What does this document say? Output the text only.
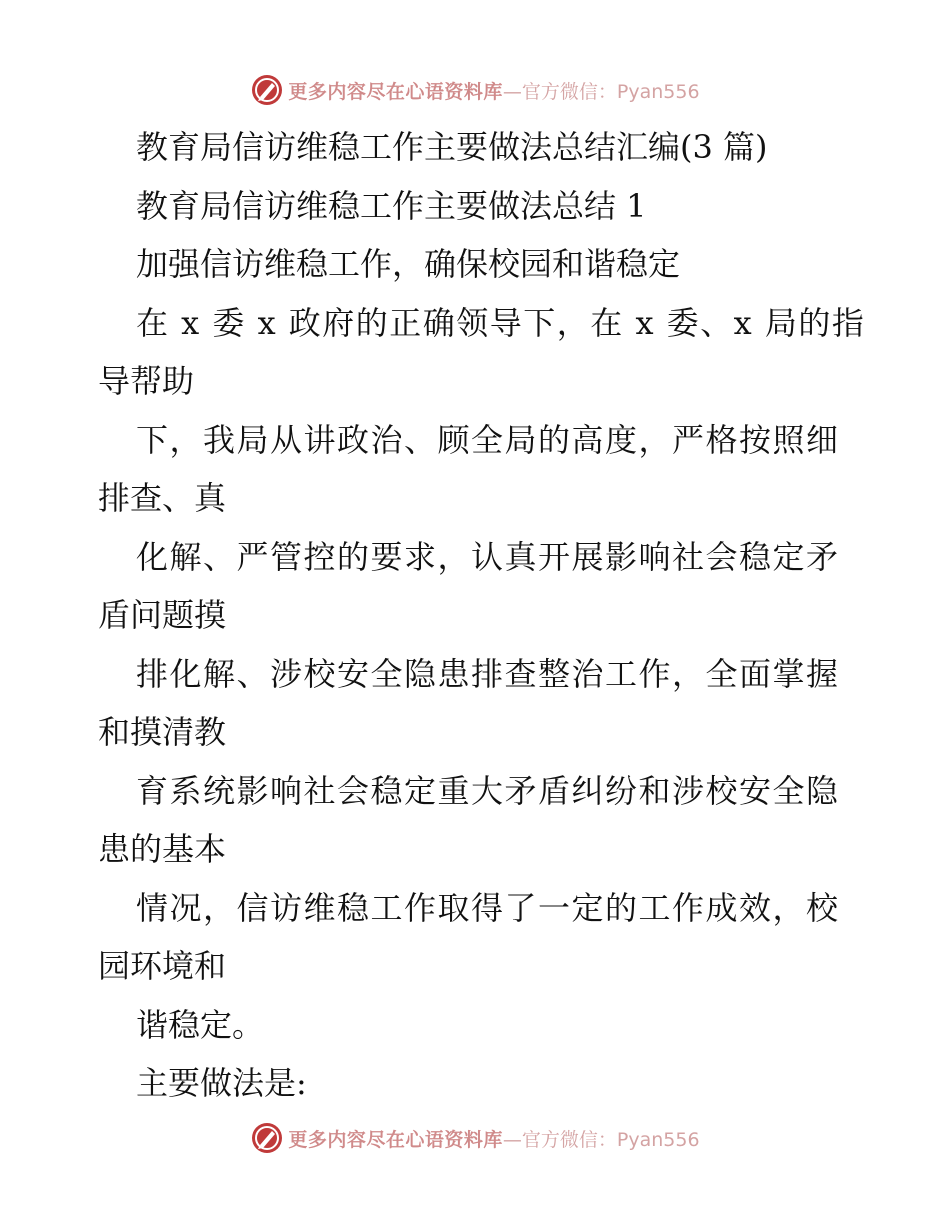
更多内容尽在心语资料库 —官方微信：Pyan556
教育局信访维稳工作主要做法总结汇编(3 篇)
教育局信访维稳工作主要做法总结 1
加强信访维稳工作，确保校园和谐稳定
在 x 委 x 政府的正确领导下，在 x 委、x 局的指
导帮助
下，我局从讲政治、顾全局的高度，严格按照细
排查、真
化解、严管控的要求，认真开展影响社会稳定矛
盾问题摸
排化解、涉校安全隐患排查整治工作，全面掌握
和摸清教
育系统影响社会稳定重大矛盾纠纷和涉校安全隐
患的基本
情况，信访维稳工作取得了一定的工作成效，校
园环境和
谐稳定。
主要做法是:
更多内容尽在心语资料库 —官方微信：Pyan556
